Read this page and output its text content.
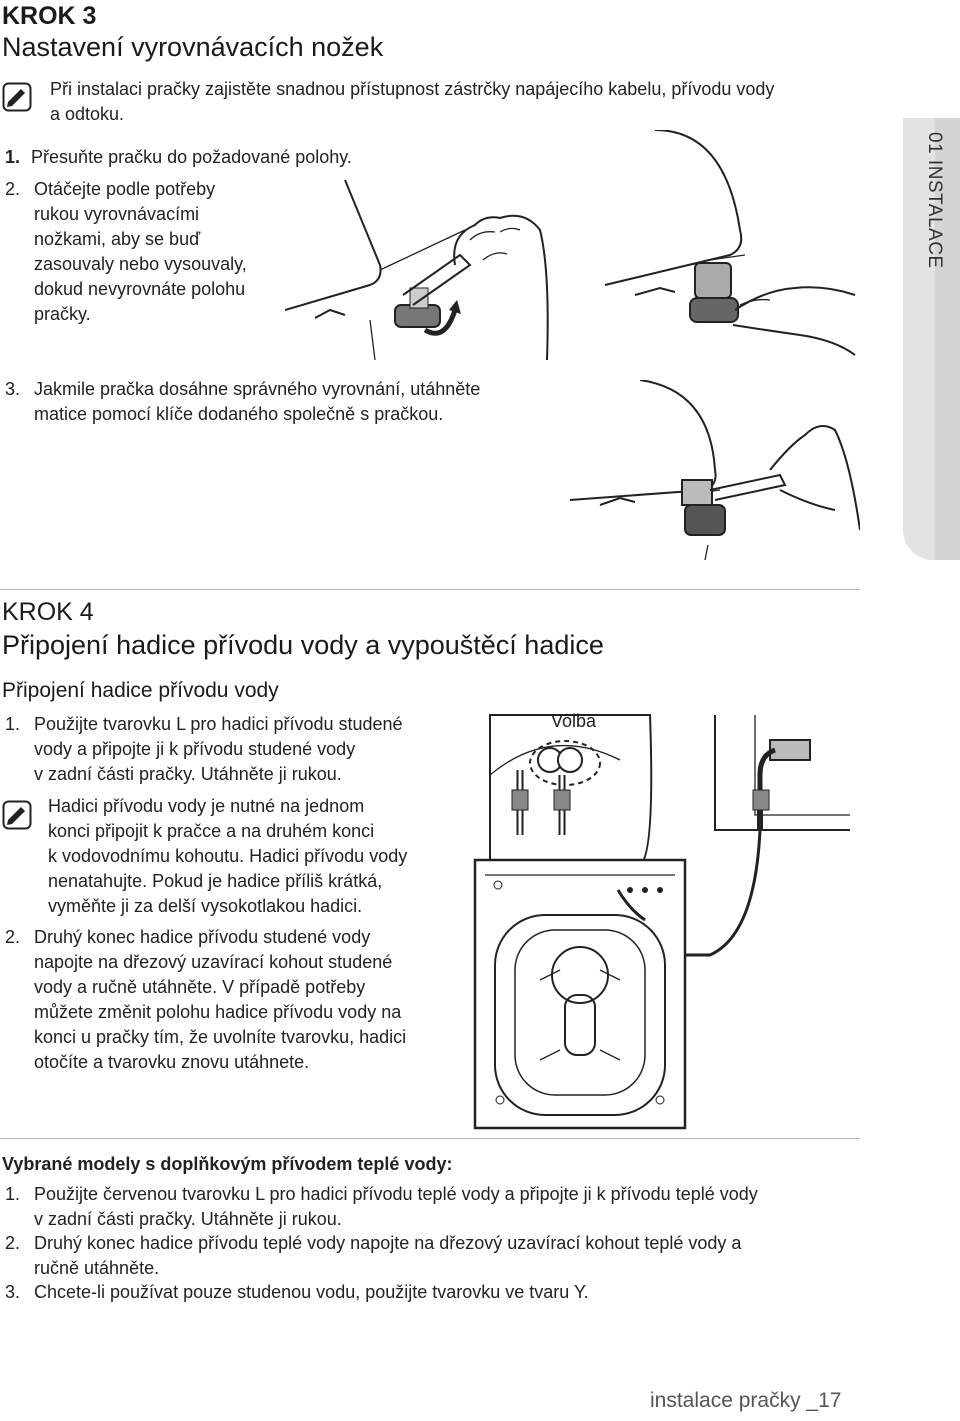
01 INSTALACE
KROK 3
Nastavení vyrovnávacích nožek
Při instalaci pračky zajistěte snadnou přístupnost zástrčky napájecího kabelu, přívodu vody
a odtoku.
1. Přesuňte pračku do požadované polohy.
2. Otáčejte podle potřeby
rukou vyrovnávacími
nožkami, aby se buď
zasouvaly nebo vysouvaly,
dokud nevyrovnáte polohu
pračky.
3. Jakmile pračka dosáhne správného vyrovnání, utáhněte
matice pomocí klíče dodaného společně s pračkou.
KROK 4
Připojení hadice přívodu vody a vypouštěcí hadice
Připojení hadice přívodu vody
1. Použijte tvarovku L pro hadici přívodu studené
vody a připojte ji k přívodu studené vody
v zadní části pračky. Utáhněte ji rukou.
Hadici přívodu vody je nutné na jednom
konci připojit k pračce a na druhém konci
k vodovodnímu kohoutu. Hadici přívodu vody
nenatahujte. Pokud je hadice příliš krátká,
vyměňte ji za delší vysokotlakou hadici.
2. Druhý konec hadice přívodu studené vody
napojte na dřezový uzavírací kohout studené
vody a ručně utáhněte. V případě potřeby
můžete změnit polohu hadice přívodu vody na
konci u pračky tím, že uvolníte tvarovku, hadici
otočíte a tvarovku znovu utáhnete.
Volba
Vybrané modely s doplňkovým přívodem teplé vody:
1. Použijte červenou tvarovku L pro hadici přívodu teplé vody a připojte ji k přívodu teplé vody
v zadní části pračky. Utáhněte ji rukou.
2. Druhý konec hadice přívodu teplé vody napojte na dřezový uzavírací kohout teplé vody a
ručně utáhněte.
3. Chcete-li používat pouze studenou vodu, použijte tvarovku ve tvaru Y.
instalace pračky _17
